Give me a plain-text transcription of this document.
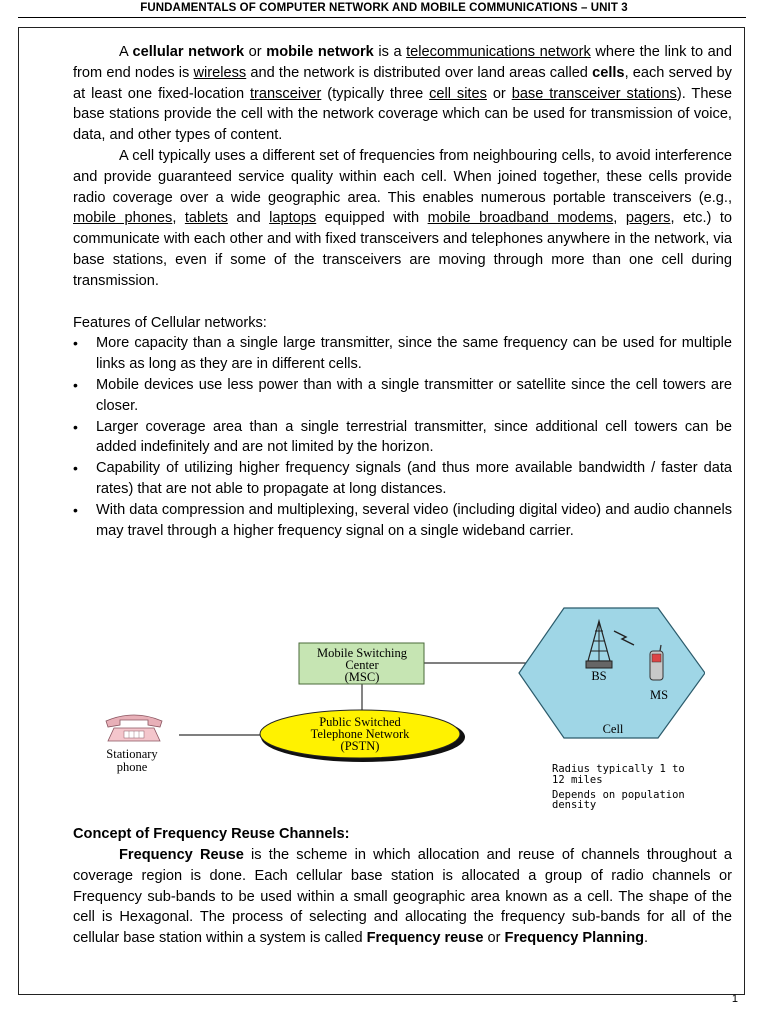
FUNDAMENTALS OF COMPUTER NETWORK AND MOBILE COMMUNICATIONS – UNIT 3

A cellular network or mobile network is a telecommunications network where the link to and from end nodes is wireless and the network is distributed over land areas called cells, each served by at least one fixed-location transceiver (typically three cell sites or base transceiver stations). These base stations provide the cell with the network coverage which can be used for transmission of voice, data, and other types of content.

A cell typically uses a different set of frequencies from neighbouring cells, to avoid interference and provide guaranteed service quality within each cell. When joined together, these cells provide radio coverage over a wide geographic area. This enables numerous portable transceivers (e.g., mobile phones, tablets and laptops equipped with mobile broadband modems, pagers, etc.) to communicate with each other and with fixed transceivers and telephones anywhere in the network, via base stations, even if some of the transceivers are moving through more than one cell during transmission.

Features of Cellular networks:

• More capacity than a single large transmitter, since the same frequency can be used for multiple links as long as they are in different cells.
• Mobile devices use less power than with a single transmitter or satellite since the cell towers are closer.
• Larger coverage area than a single terrestrial transmitter, since additional cell towers can be added indefinitely and are not limited by the horizon.
• Capability of utilizing higher frequency signals (and thus more available bandwidth / faster data rates) that are not able to propagate at long distances.
• With data compression and multiplexing, several video (including digital video) and audio channels may travel through a higher frequency signal on a single wideband carrier.
Mobile Switching
Center
(MSC)
Public Switched
Telephone Network
(PSTN)
Stationary
phone
BS
MS
Cell
Radius typically 1 to
12 miles
Depends on population
density
Concept of Frequency Reuse Channels:

Frequency Reuse is the scheme in which allocation and reuse of channels throughout a coverage region is done. Each cellular base station is allocated a group of radio channels or Frequency sub-bands to be used within a small geographic area known as a cell. The shape of the cell is Hexagonal. The process of selecting and allocating the frequency sub-bands for all of the cellular base station within a system is called Frequency reuse or Frequency Planning.

1
